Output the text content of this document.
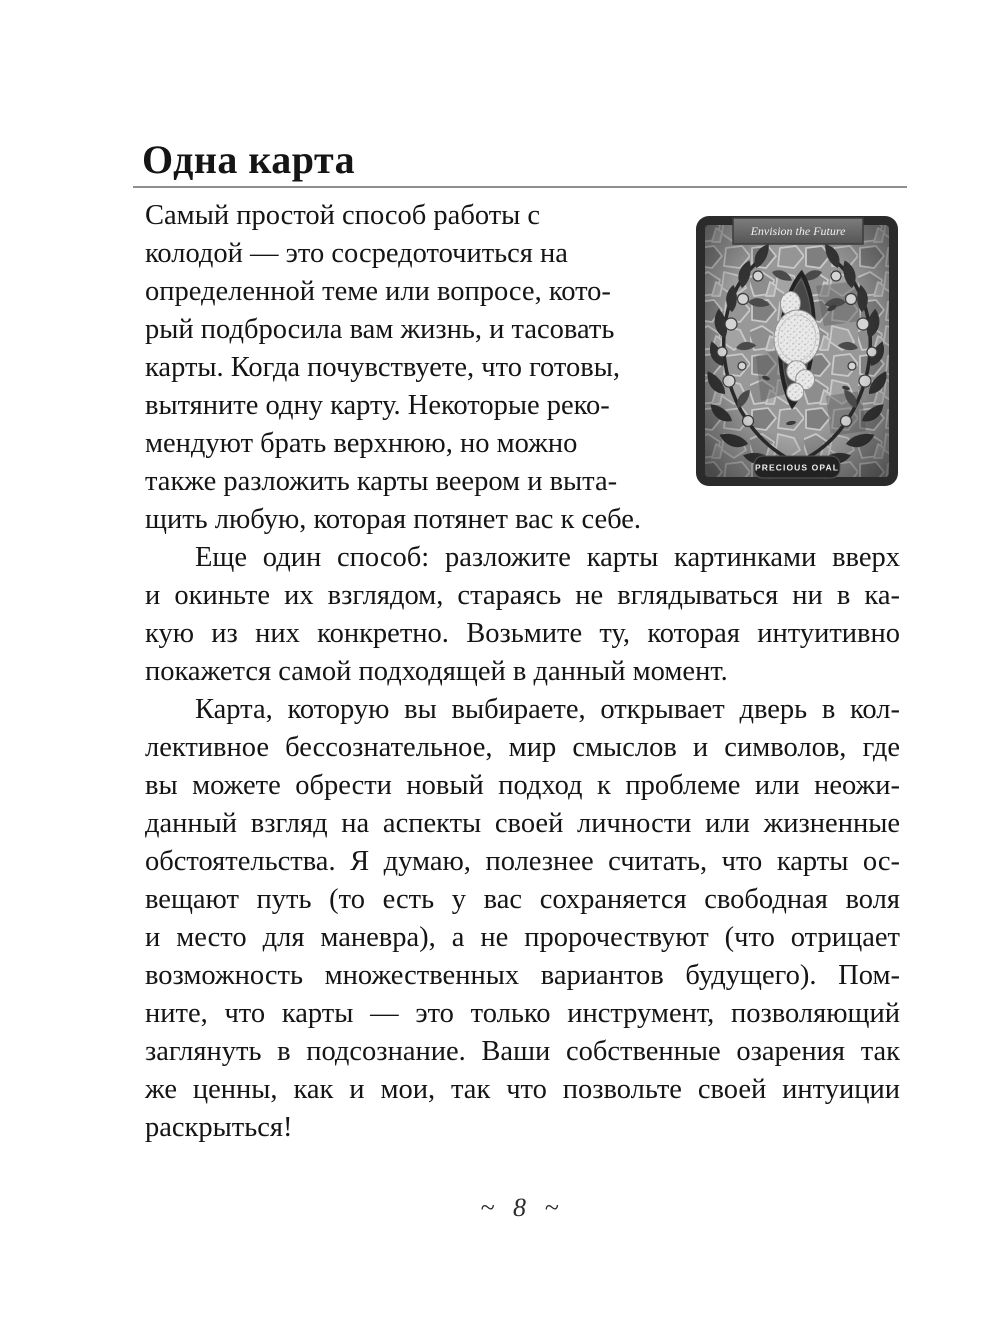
Одна карта
Самый простой способ работы с
колодой — это сосредоточиться на
определенной теме или вопросе, кото-
рый подбросила вам жизнь, и тасовать
карты. Когда почувствуете, что готовы,
вытяните одну карту. Некоторые реко-
мендуют брать верхнюю, но можно
также разложить карты веером и выта-
щить любую, которая потянет вас к себе.
Еще один способ: разложите карты картинками вверх
и окиньте их взглядом, стараясь не вглядываться ни в ка-
кую из них конкретно. Возьмите ту, которая интуитивно
покажется самой подходящей в данный момент.
Карта, которую вы выбираете, открывает дверь в кол-
лективное бессознательное, мир смыслов и символов, где
вы можете обрести новый подход к проблеме или неожи-
данный взгляд на аспекты своей личности или жизненные
обстоятельства. Я думаю, полезнее считать, что карты ос-
вещают путь (то есть у вас сохраняется свободная воля
и место для маневра), а не пророчествуют (что отрицает
возможность множественных вариантов будущего). Пом-
ните, что карты — это только инструмент, позволяющий
заглянуть в подсознание. Ваши собственные озарения так
же ценны, как и мои, так что позвольте своей интуиции
раскрыться!
Envision the Future
PRECIOUS OPAL
~ 8 ~
